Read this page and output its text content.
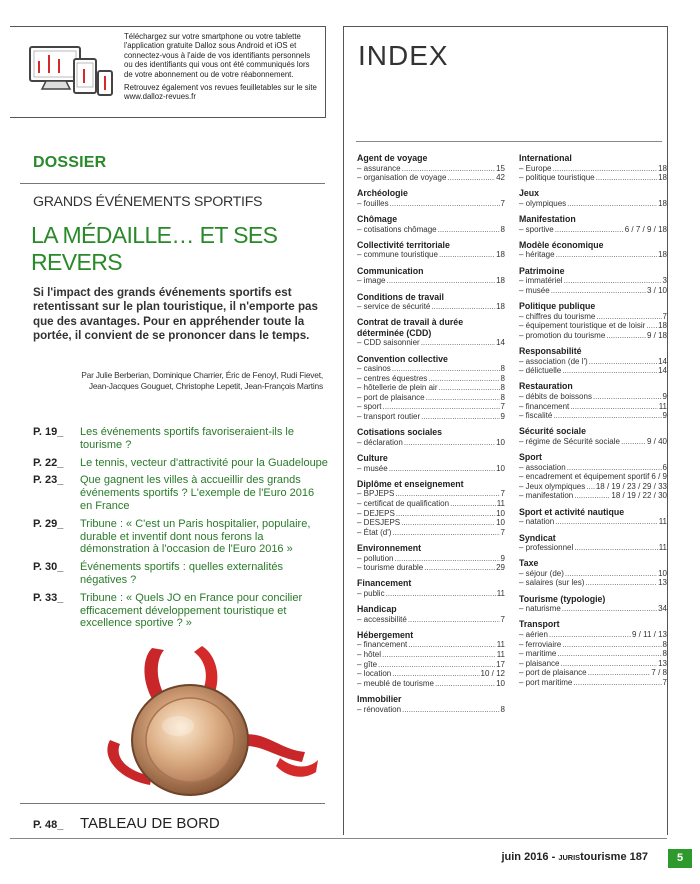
Téléchargez sur votre smartphone ou votre tablette l'application gratuite Dalloz sous Android et iOS et connectez-vous à l'aide de vos identifiants personnels ou des identifiants qui vous ont été communiqués lors de votre abonnement ou de votre réabonnement.

Retrouvez également vos revues feuilletables sur le site www.dalloz-revues.fr

DOSSIER
GRANDS ÉVÉNEMENTS SPORTIFS
LA MÉDAILLE… ET SES
REVERS
Si l'impact des grands événements sportifs est retentissant sur le plan touristique, il n'emporte pas que des avantages. Pour en appréhender toute la portée, il convient de se prononcer dans le temps.
Par Julie Berberian, Dominique Charrier, Éric de Fenoyl, Rudi Fievet,
Jean-Jacques Gouguet, Christophe Lepetit, Jean-François Martins
P. 19_	Les événements sportifs favoriseraient-ils le tourisme ?
P. 22_	Le tennis, vecteur d'attractivité pour la Guadeloupe
P. 23_	Que gagnent les villes à accueillir des grands événements sportifs ? L'exemple de l'Euro 2016 en France
P. 29_	Tribune : « C'est un Paris hospitalier, populaire, durable et inventif dont nous ferons la démonstration à l'occasion de l'Euro 2016 »
P. 30_	Événements sportifs : quelles externalités négatives ?
P. 33_	Tribune : « Quels JO en France pour concilier efficacement développement touristique et excellence sportive ? »
P. 48_	TABLEAU DE BORD
INDEX
Agent de voyage
– assurance .....	15
– organisation de voyage .....	42
Archéologie
– fouilles .....	7
Chômage
– cotisations chômage .....	8
Collectivité territoriale
– commune touristique .....	18
Communication
– image .....	18
Conditions de travail
– service de sécurité .....	18
Contrat de travail à durée déterminée (CDD)
– CDD saisonnier .....	14
Convention collective
– casinos .....	8
– centres équestres .....	8
– hôtellerie de plein air .....	8
– port de plaisance .....	8
– sport .....	7
– transport routier .....	9
Cotisations sociales
– déclaration .....	10
Culture
– musée .....	10
Diplôme et enseignement
– BPJEPS .....	7
– certificat de qualification .....	11
– DEJEPS .....	10
– DESJEPS .....	10
– État (d') .....	7
Environnement
– pollution .....	9
– tourisme durable .....	29
Financement
– public .....	11
Handicap
– accessibilité .....	7
Hébergement
– financement .....	11
– hôtel .....	11
– gîte .....	17
– location .....	10 / 12
– meublé de tourisme .....	10
Immobilier
– rénovation .....	8
International
– Europe .....	18
– politique touristique .....	18
Jeux
– olympiques .....	18
Manifestation
– sportive .....	6 / 7 / 9 / 18
Modèle économique
– héritage .....	18
Patrimoine
– immatériel .....	3
– musée .....	3 / 10
Politique publique
– chiffres du tourisme .....	7
– équipement touristique et de loisir ..... 18
– promotion du tourisme .....	9 / 18
Responsabilité
– association (de l') .....	14
– délictuelle .....	14
Restauration
– débits de boissons .....	9
– financement .....	11
– fiscalité .....	9
Sécurité sociale
– régime de Sécurité sociale .....	9 / 40
Sport
– association .....	6
– encadrement et équipement sportif ..... 6 / 9
– Jeux olympiques ..... 18 / 19 / 23 / 29 / 33
– manifestation .....	18 / 19 / 22 / 30
Sport et activité nautique
– natation .....	11
Syndicat
– professionnel .....	11
Taxe
– séjour (de) .....	10
– salaires (sur les) .....	13
Tourisme (typologie)
– naturisme .....	34
Transport
– aérien .....	9 / 11 / 13
– ferroviaire .....	8
– maritime .....	8
– plaisance .....	13
– port de plaisance .....	7 / 8
– port maritime .....	7
juin 2016 - JURIStourisme 187	5
